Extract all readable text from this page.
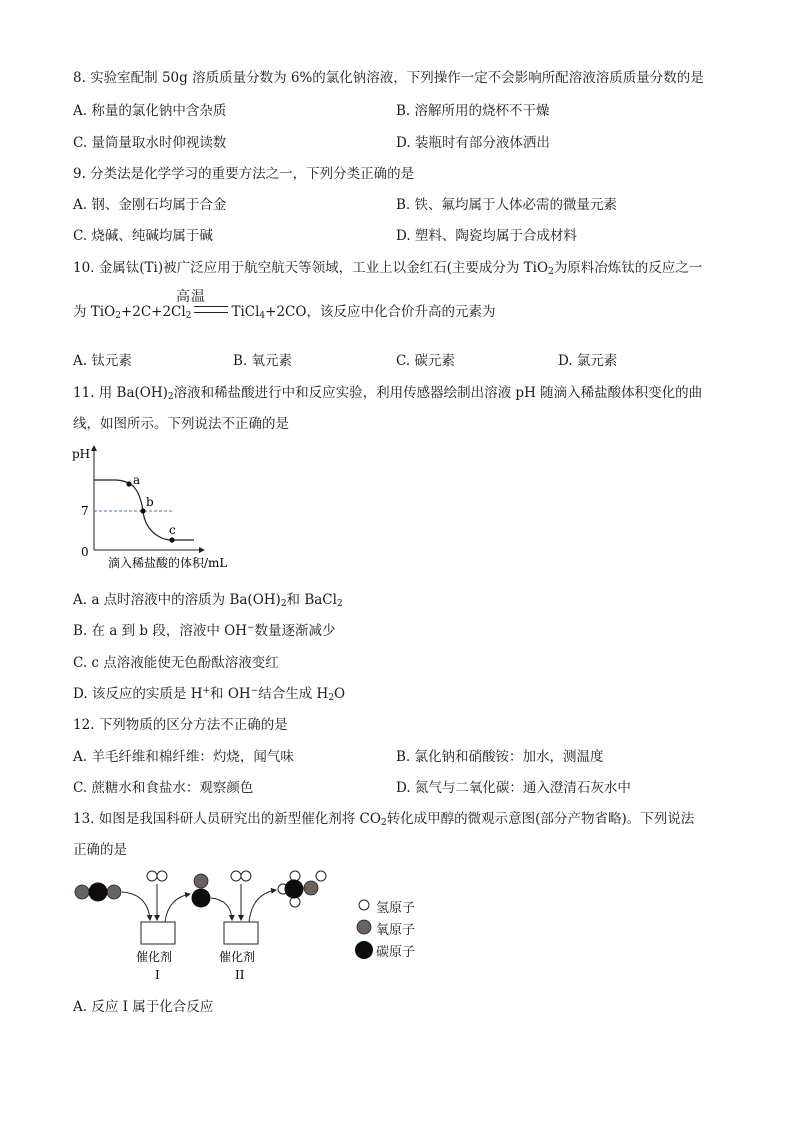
8. 实验室配制 50g 溶质质量分数为 6%的氯化钠溶液，下列操作一定不会影响所配溶液溶质质量分数的是
A. 称量的氯化钠中含杂质	B. 溶解所用的烧杯不干燥
C. 量筒量取水时仰视读数	D. 装瓶时有部分液体洒出
9. 分类法是化学学习的重要方法之一，下列分类正确的是
A. 钢、金刚石均属于合金	B. 铁、氟均属于人体必需的微量元素
C. 烧碱、纯碱均属于碱	D. 塑料、陶瓷均属于合成材料
10. 金属钛(Ti)被广泛应用于航空航天等领域，工业上以金红石(主要成分为 TiO$_2$为原料冶炼钛的反应之一
高温
为 $TiO_2+2C+2Cl_2$	TiCl$_4$+2CO，该反应中化合价升高的元素为
A. 钛元素	B. 氧元素	C. 碳元素	D. 氯元素
11. 用 $Ba(OH)_2$溶液和稀盐酸进行中和反应实验，利用传感器绘制出溶液 pH 随滴入稀盐酸体积变化的曲
线，如图所示。下列说法不正确的是
pH
7
0
a
b
c
滴入稀盐酸的体积/mL
A. a 点时溶液中的溶质为 $Ba(OH)_2$和 BaCl$_2$
B. 在 a 到 b 段，溶液中 OH−数量逐渐减少
C. c 点溶液能使无色酚酞溶液变红
D. 该反应的实质是 H+和 OH−结合生成 $H_2O$
12. 下列物质的区分方法不正确的是
A. 羊毛纤维和棉纤维：灼烧，闻气味	B. 氯化钠和硝酸铵：加水，测温度
C. 蔗糖水和食盐水：观察颜色	D. 氮气与二氧化碳：通入澄清石灰水中
13. 如图是我国科研人员研究出的新型催化剂将 $CO_2$转化成甲醇的微观示意图(部分产物省略)。下列说法
正确的是
催化剂
I
催化剂
II
氢原子
氧原子
碳原子
A. 反应 I 属于化合反应
